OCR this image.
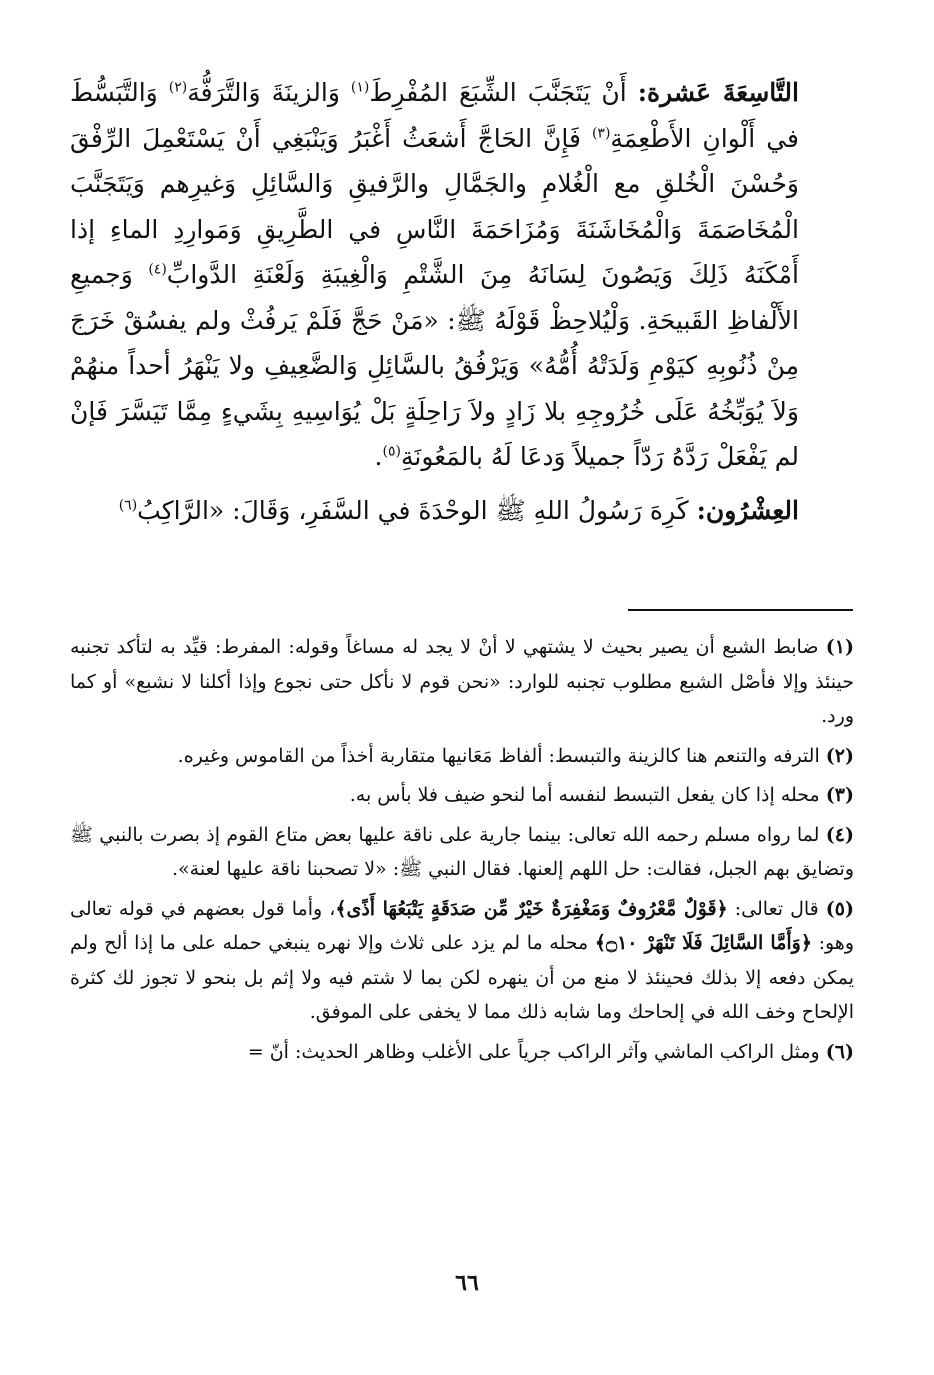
التَّاسِعَةَ عَشرة: أَنْ يَتَجَنَّبَ الشِّبَعَ المُفْرِطَ$^{(١)}$ وَالزينَةَ وَالتَّرَفُّهَ$^{(٢)}$ وَالتَّبَسُّطَ في أَلْوانِ الأَطْعِمَةِ$^{(٣)}$ فَإِنَّ الحَاجَّ أَشعَثُ أَغْبَرُ وَيَنْبَغِي أَنْ يَسْتَعْمِلَ الرِّفْقَ وَحُسْنَ الْخُلقِ مع الْغُلامِ والجَمَّالِ والرَّفيقِ وَالسَّائِلِ وَغيرِهم وَيَتَجَنَّبَ الْمُخَاصَمَةَ وَالْمُخَاشَنَةَ وَمُزَاحَمَةَ النَّاسِ في الطَّرِيقِ وَمَوارِدِ الماءِ إذا أَمْكَنَهُ ذَلِكَ وَيَصُونَ لِسَانَهُ مِنَ الشَّتْمِ وَالْغِيبَةِ وَلَعْنَةِ الدَّوابِّ$^{(٤)}$ وَجميعِ الأَلْفاظِ القَبيحَةِ. وَلْيُلاحِظْ قَوْلَهُ ﷺ: «مَنْ حَجَّ فَلَمْ يَرفُثْ ولم يفسُقْ خَرَجَ مِنْ ذُنُوبِهِ كيَوْمِ وَلَدَتْهُ أُمُّهُ» وَيَرْفُقُ بالسَّائِلِ وَالضَّعِيفِ ولا يَنْهَرُ أحداً منهُمْ وَلاَ يُوَبِّخُهُ عَلَى خُرُوجِهِ بلا زَادٍ ولاَ رَاحِلَةٍ بَلْ يُوَاسِيهِ بِشَيءٍ مِمَّا تَيَسَّرَ فَإنْ لم يَفْعَلْ رَدَّهُ رَدّاً جميلاً وَدعَا لَهُ بالمَعُونَةِ$^{(٥)}$.

العِشْرُون: كَرِهَ رَسُولُ اللهِ ﷺ الوحْدَةَ في السَّفَرِ، وَقَالَ: «الرَّاكِبُ$^{(٦)}$

(١) ضابط الشبع أن يصير بحيث لا يشتهي لا أنْ لا يجد له مساغاً وقوله: المفرط: قيِّد به لتأكد تجنبه حينئذ وإلا فأصْل الشبع مطلوب تجنبه للوارد: «نحن قوم لا نأكل حتى نجوع وإذا أكلنا لا نشبع» أو كما ورد.

(٢) الترفه والتنعم هنا كالزينة والتبسط: ألفاظ مَعَانيها متقاربة أخذاً من القاموس وغيره.

(٣) محله إذا كان يفعل التبسط لنفسه أما لنحو ضيف فلا بأس به.

(٤) لما رواه مسلم رحمه الله تعالى: بينما جارية على ناقة عليها بعض متاع القوم إذ بصرت بالنبي ﷺ وتضايق بهم الجبل، فقالت: حل اللهم إلعنها. فقال النبي ﷺ: «لا تصحبنا ناقة عليها لعنة».

(٥) قال تعالى: ﴿قَوْلٌ مَّعْرُوفٌ وَمَغْفِرَةٌ خَيْرٌ مِّن صَدَقَةٍ يَتْبَعُهَا أَذًى﴾، وأما قول بعضهم في قوله تعالى وهو: ﴿وَأَمَّا السَّائِلَ فَلَا تَنْهَرْ ۝١٠﴾ محله ما لم يزد على ثلاث وإلا نهره ينبغي حمله على ما إذا ألح ولم يمكن دفعه إلا بذلك فحينئذ لا منع من أن ينهره لكن بما لا شتم فيه ولا إثم بل بنحو لا تجوز لك كثرة الإلحاح وخف الله في إلحاحك وما شابه ذلك مما لا يخفى على الموفق.

(٦) ومثل الراكب الماشي وآثر الراكب جرياً على الأغلب وظاهر الحديث: أنّ =

٦٦
